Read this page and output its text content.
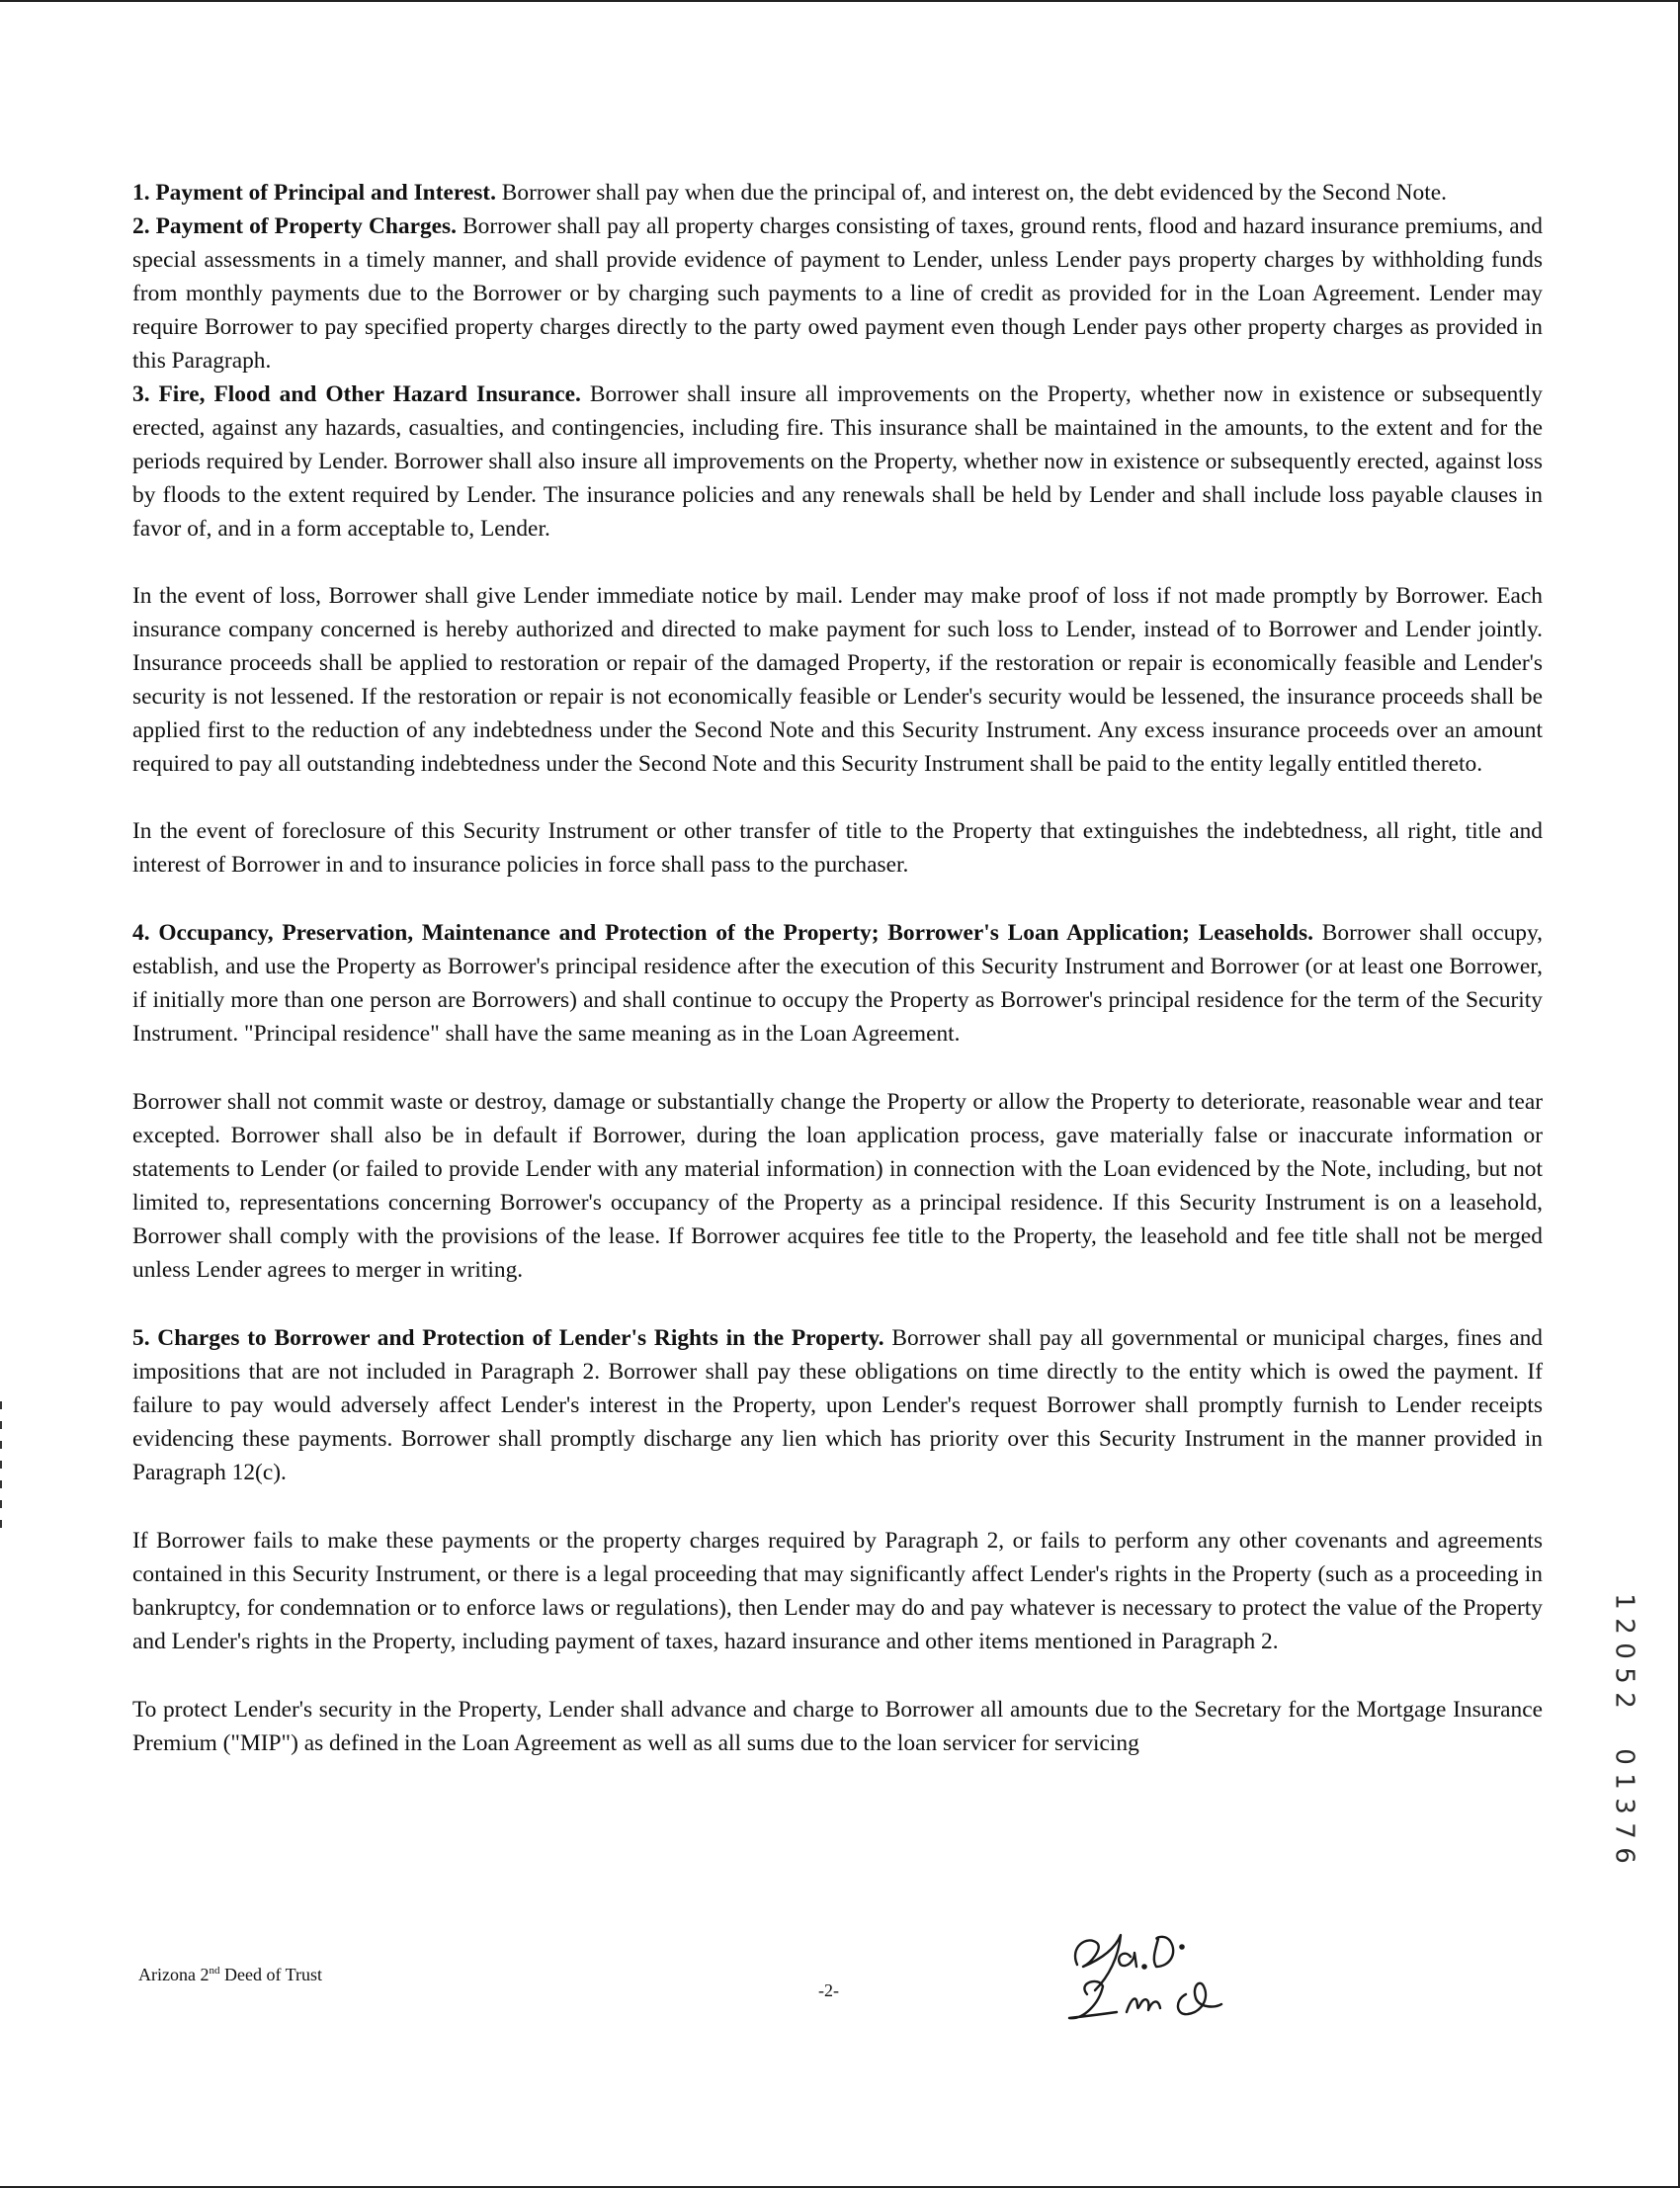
1. Payment of Principal and Interest. Borrower shall pay when due the principal of, and interest on, the debt evidenced by the Second Note.

2. Payment of Property Charges. Borrower shall pay all property charges consisting of taxes, ground rents, flood and hazard insurance premiums, and special assessments in a timely manner, and shall provide evidence of payment to Lender, unless Lender pays property charges by withholding funds from monthly payments due to the Borrower or by charging such payments to a line of credit as provided for in the Loan Agreement. Lender may require Borrower to pay specified property charges directly to the party owed payment even though Lender pays other property charges as provided in this Paragraph.

3. Fire, Flood and Other Hazard Insurance. Borrower shall insure all improvements on the Property, whether now in existence or subsequently erected, against any hazards, casualties, and contingencies, including fire. This insurance shall be maintained in the amounts, to the extent and for the periods required by Lender. Borrower shall also insure all improvements on the Property, whether now in existence or subsequently erected, against loss by floods to the extent required by Lender. The insurance policies and any renewals shall be held by Lender and shall include loss payable clauses in favor of, and in a form acceptable to, Lender.

In the event of loss, Borrower shall give Lender immediate notice by mail. Lender may make proof of loss if not made promptly by Borrower. Each insurance company concerned is hereby authorized and directed to make payment for such loss to Lender, instead of to Borrower and Lender jointly. Insurance proceeds shall be applied to restoration or repair of the damaged Property, if the restoration or repair is economically feasible and Lender's security is not lessened. If the restoration or repair is not economically feasible or Lender's security would be lessened, the insurance proceeds shall be applied first to the reduction of any indebtedness under the Second Note and this Security Instrument. Any excess insurance proceeds over an amount required to pay all outstanding indebtedness under the Second Note and this Security Instrument shall be paid to the entity legally entitled thereto.

In the event of foreclosure of this Security Instrument or other transfer of title to the Property that extinguishes the indebtedness, all right, title and interest of Borrower in and to insurance policies in force shall pass to the purchaser.

4. Occupancy, Preservation, Maintenance and Protection of the Property; Borrower's Loan Application; Leaseholds. Borrower shall occupy, establish, and use the Property as Borrower's principal residence after the execution of this Security Instrument and Borrower (or at least one Borrower, if initially more than one person are Borrowers) and shall continue to occupy the Property as Borrower's principal residence for the term of the Security Instrument. "Principal residence" shall have the same meaning as in the Loan Agreement.

Borrower shall not commit waste or destroy, damage or substantially change the Property or allow the Property to deteriorate, reasonable wear and tear excepted. Borrower shall also be in default if Borrower, during the loan application process, gave materially false or inaccurate information or statements to Lender (or failed to provide Lender with any material information) in connection with the Loan evidenced by the Note, including, but not limited to, representations concerning Borrower's occupancy of the Property as a principal residence. If this Security Instrument is on a leasehold, Borrower shall comply with the provisions of the lease. If Borrower acquires fee title to the Property, the leasehold and fee title shall not be merged unless Lender agrees to merger in writing.

5. Charges to Borrower and Protection of Lender's Rights in the Property. Borrower shall pay all governmental or municipal charges, fines and impositions that are not included in Paragraph 2. Borrower shall pay these obligations on time directly to the entity which is owed the payment. If failure to pay would adversely affect Lender's interest in the Property, upon Lender's request Borrower shall promptly furnish to Lender receipts evidencing these payments. Borrower shall promptly discharge any lien which has priority over this Security Instrument in the manner provided in Paragraph 12(c).

If Borrower fails to make these payments or the property charges required by Paragraph 2, or fails to perform any other covenants and agreements contained in this Security Instrument, or there is a legal proceeding that may significantly affect Lender's rights in the Property (such as a proceeding in bankruptcy, for condemnation or to enforce laws or regulations), then Lender may do and pay whatever is necessary to protect the value of the Property and Lender's rights in the Property, including payment of taxes, hazard insurance and other items mentioned in Paragraph 2.

To protect Lender's security in the Property, Lender shall advance and charge to Borrower all amounts due to the Secretary for the Mortgage Insurance Premium ("MIP") as defined in the Loan Agreement as well as all sums due to the loan servicer for servicing

Arizona 2nd Deed of Trust
-2-
1
2
0
5
2
0
1
3
7
6
